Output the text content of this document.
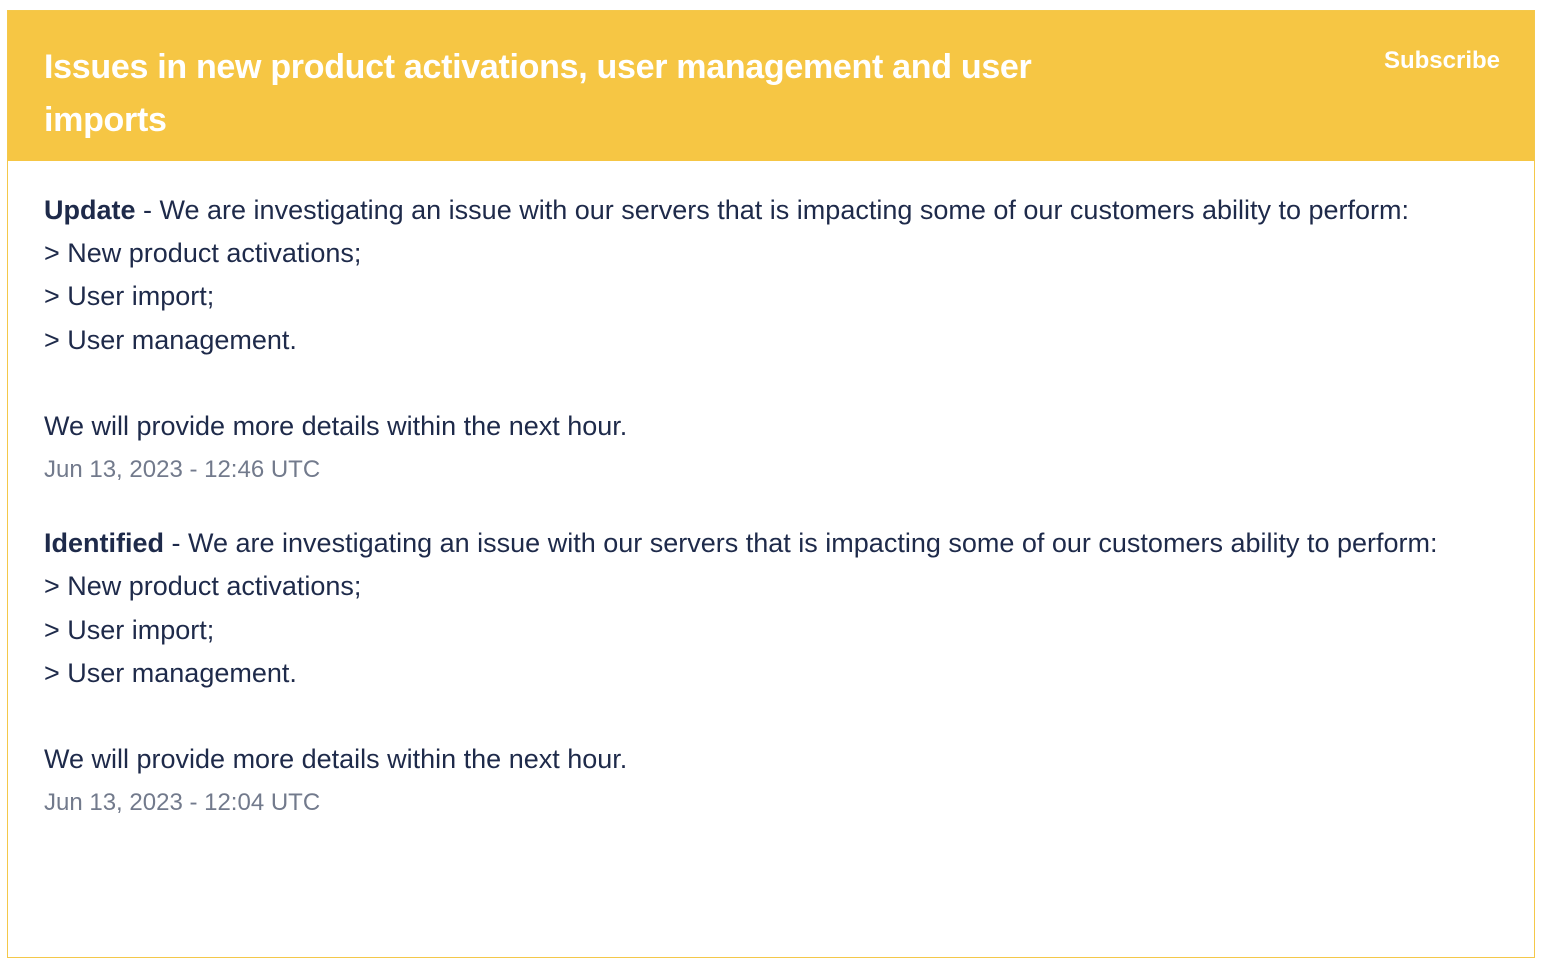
Issues in new product activations, user management and user imports
Subscribe

Update - We are investigating an issue with our servers that is impacting some of our customers ability to perform:
> New product activations;
> User import;
> User management.

We will provide more details within the next hour.

Jun 13, 2023 - 12:46 UTC

Identified - We are investigating an issue with our servers that is impacting some of our customers ability to perform:
> New product activations;
> User import;
> User management.

We will provide more details within the next hour.

Jun 13, 2023 - 12:04 UTC
